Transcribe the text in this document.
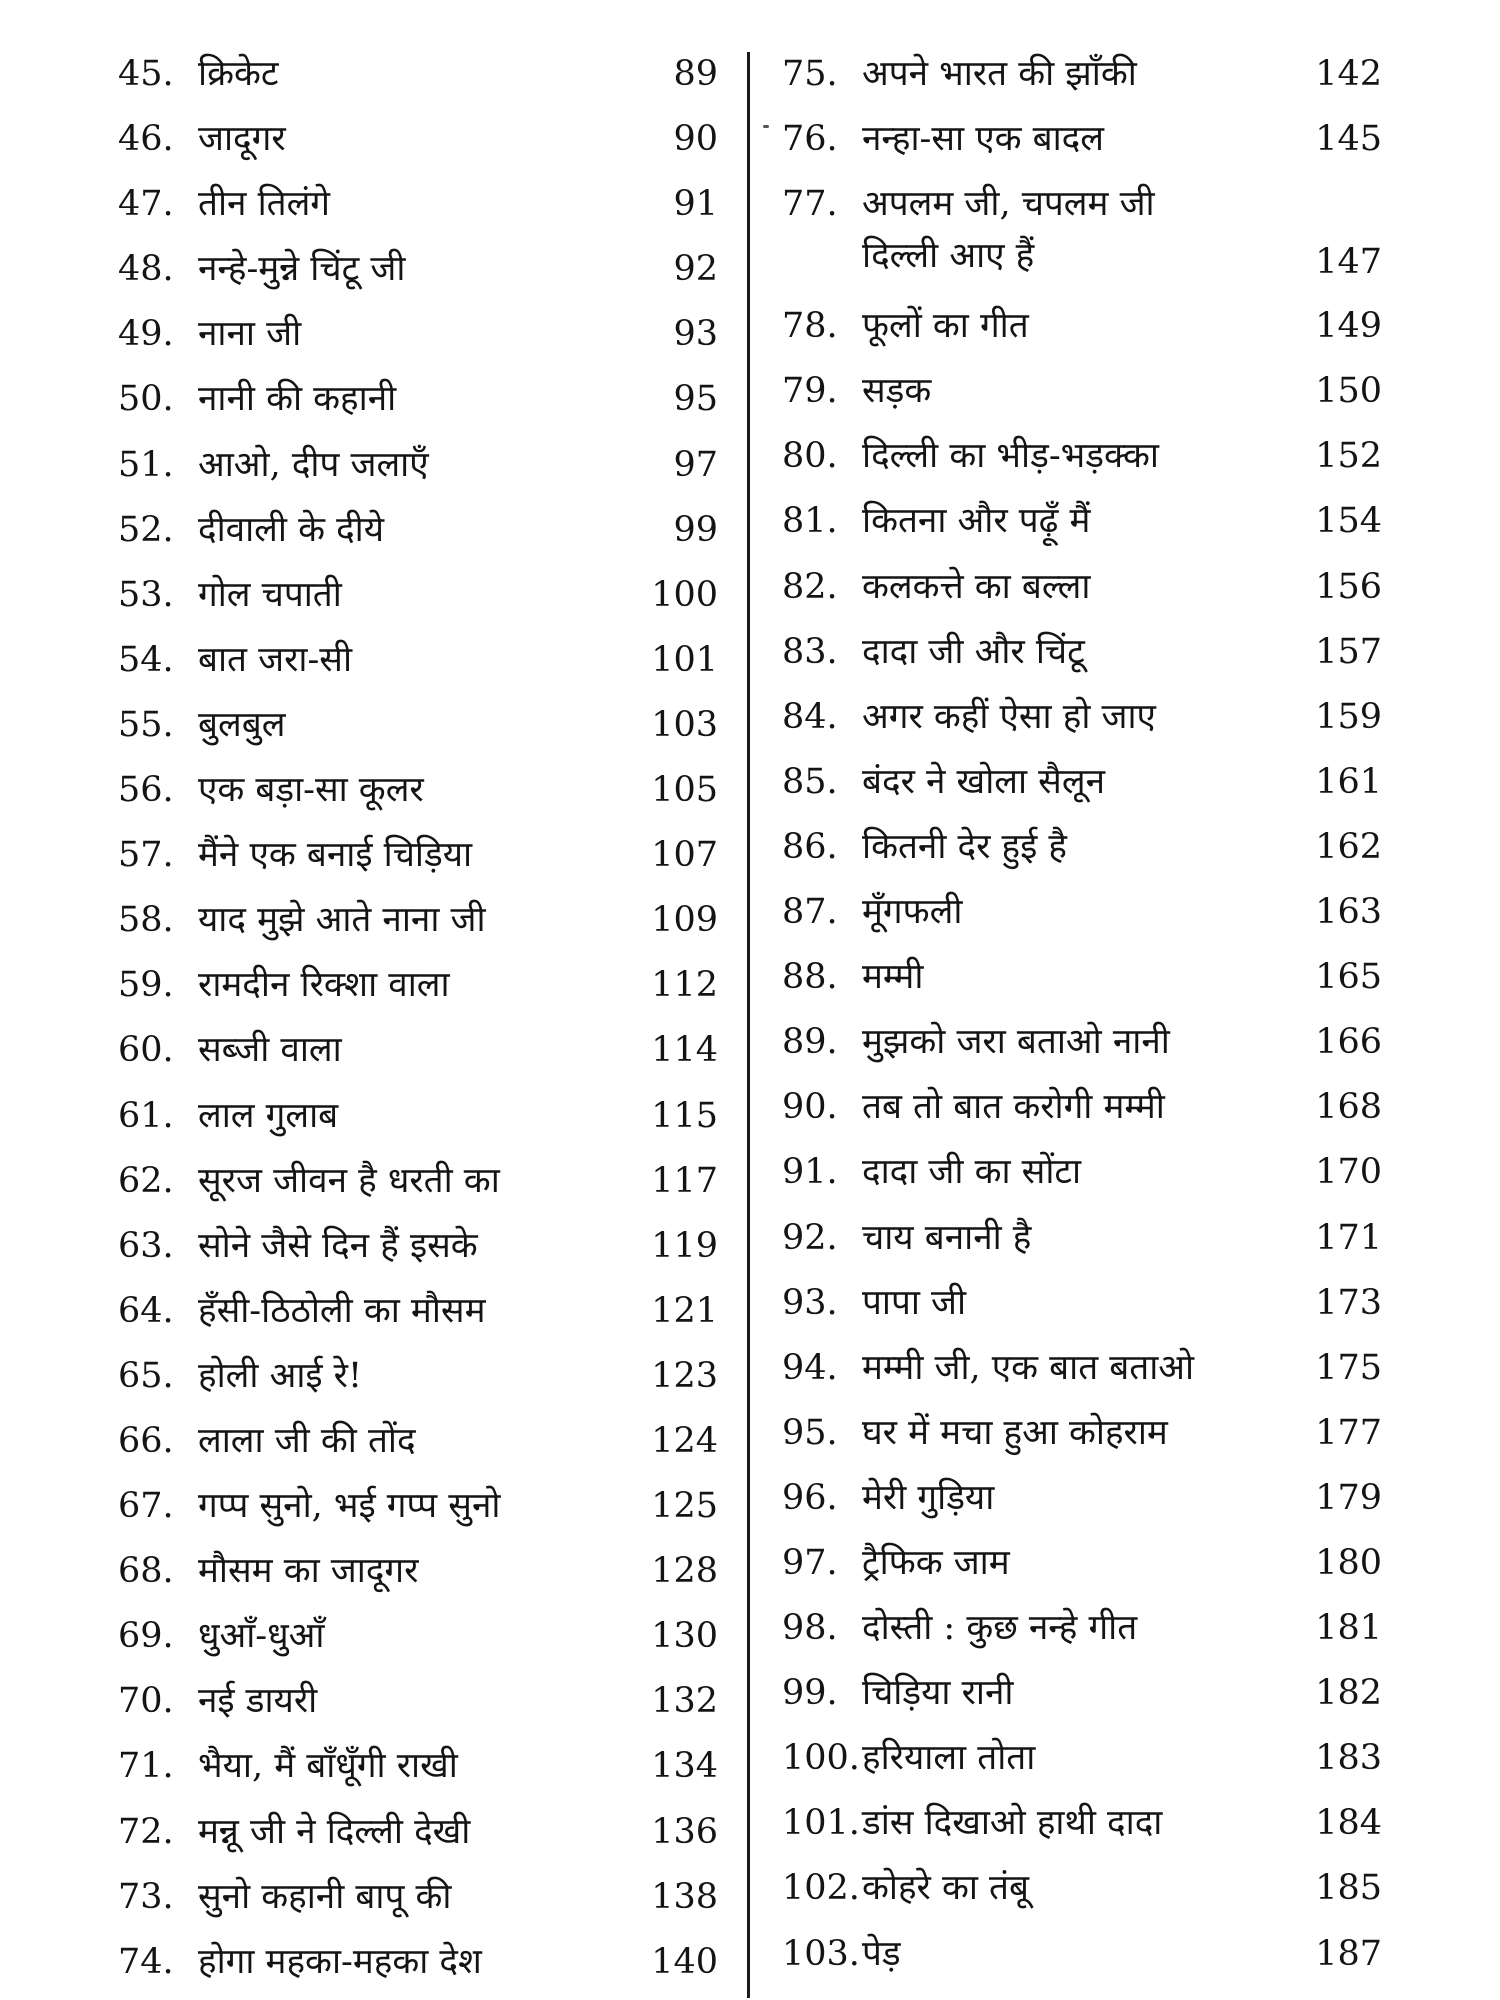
45. क्रिकेट	89
46. जादूगर	90
47. तीन तिलंगे	91
48. नन्हे-मुन्ने चिंटू जी	92
49. नाना जी	93
50. नानी की कहानी	95
51. आओ, दीप जलाएँ	97
52. दीवाली के दीये	99
53. गोल चपाती	100
54. बात जरा-सी	101
55. बुलबुल	103
56. एक बड़ा-सा कूलर	105
57. मैंने एक बनाई चिड़िया	107
58. याद मुझे आते नाना जी	109
59. रामदीन रिक्शा वाला	112
60. सब्जी वाला	114
61. लाल गुलाब	115
62. सूरज जीवन है धरती का	117
63. सोने जैसे दिन हैं इसके	119
64. हँसी-ठिठोली का मौसम	121
65. होली आई रे!	123
66. लाला जी की तोंद	124
67. गप्प सुनो, भई गप्प सुनो	125
68. मौसम का जादूगर	128
69. धुआँ-धुआँ	130
70. नई डायरी	132
71. भैया, मैं बाँधूँगी राखी	134
72. मन्नू जी ने दिल्ली देखी	136
73. सुनो कहानी बापू की	138
74. होगा महका-महका देश	140
75. अपने भारत की झाँकी	142
76. नन्हा-सा एक बादल	145
77. अपलम जी, चपलम जी
दिल्ली आए हैं	147
78. फूलों का गीत	149
79. सड़क	150
80. दिल्ली का भीड़-भड़क्का	152
81. कितना और पढ़ूँ मैं	154
82. कलकत्ते का बल्ला	156
83. दादा जी और चिंटू	157
84. अगर कहीं ऐसा हो जाए	159
85. बंदर ने खोला सैलून	161
86. कितनी देर हुई है	162
87. मूँगफली	163
88. मम्मी	165
89. मुझको जरा बताओ नानी	166
90. तब तो बात करोगी मम्मी	168
91. दादा जी का सोंटा	170
92. चाय बनानी है	171
93. पापा जी	173
94. मम्मी जी, एक बात बताओ	175
95. घर में मचा हुआ कोहराम	177
96. मेरी गुड़िया	179
97. ट्रैफिक जाम	180
98. दोस्ती : कुछ नन्हे गीत	181
99. चिड़िया रानी	182
100. हरियाला तोता	183
101. डांस दिखाओ हाथी दादा	184
102. कोहरे का तंबू	185
103. पेड़	187
